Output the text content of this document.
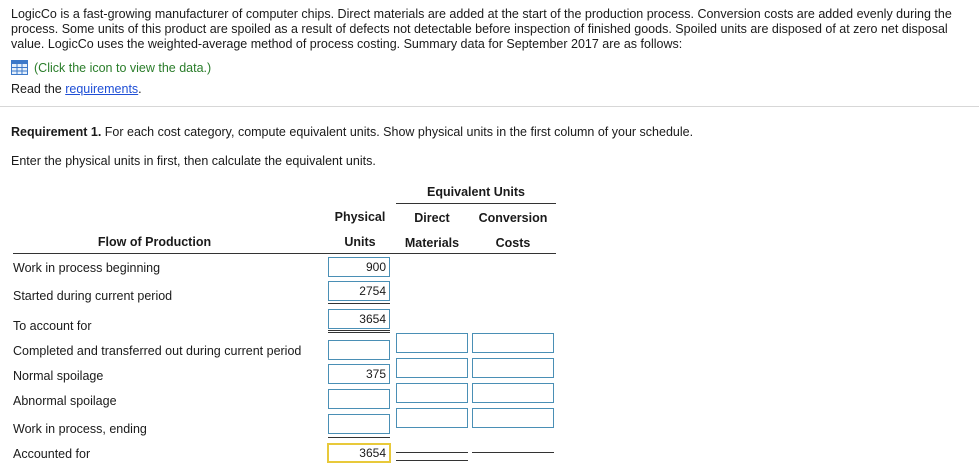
LogicCo is a fast-growing manufacturer of computer chips. Direct materials are added at the start of the production process. Conversion costs are added evenly during the process. Some units of this product are spoiled as a result of defects not detectable before inspection of finished goods. Spoiled units are disposed of at zero net disposal value. LogicCo uses the weighted-average method of process costing. Summary data for September 2017 are as follows:
(Click the icon to view the data.)
Read the requirements.
Requirement 1. For each cost category, compute equivalent units. Show physical units in the first column of your schedule.
Enter the physical units in first, then calculate the equivalent units.
Equivalent Units
Physical
Units
Direct
Materials
Conversion
Costs
Flow of Production
Work in process beginning
Started during current period
To account for
Completed and transferred out during current period
Normal spoilage
Abnormal spoilage
Work in process, ending
Accounted for
900
2754
3654
375
3654
